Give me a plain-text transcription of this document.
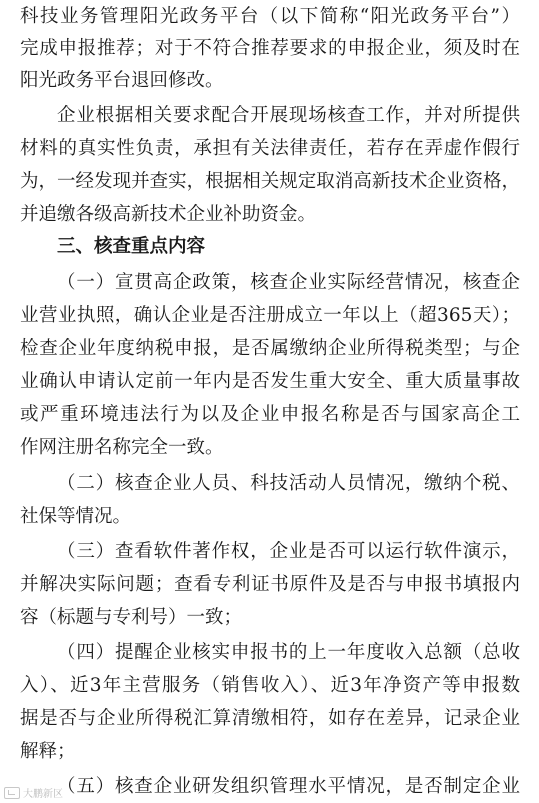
科技业务管理阳光政务平台（以下简称“阳光政务平台”）
完成申报推荐；对于不符合推荐要求的申报企业，须及时在
阳光政务平台退回修改。
企业根据相关要求配合开展现场核查工作，并对所提供
材料的真实性负责，承担有关法律责任，若存在弄虚作假行
为，一经发现并查实，根据相关规定取消高新技术企业资格，
并追缴各级高新技术企业补助资金。
三、核查重点内容
（一）宣贯高企政策，核查企业实际经营情况，核查企
业营业执照，确认企业是否注册成立一年以上（超365天）；
检查企业年度纳税申报，是否属缴纳企业所得税类型；与企
业确认申请认定前一年内是否发生重大安全、重大质量事故
或严重环境违法行为以及企业申报名称是否与国家高企工
作网注册名称完全一致。
（二）核查企业人员、科技活动人员情况，缴纳个税、
社保等情况。
（三）查看软件著作权，企业是否可以运行软件演示，
并解决实际问题；查看专利证书原件及是否与申报书填报内
容（标题与专利号）一致；
（四）提醒企业核实申报书的上一年度收入总额（总收
入）、近3年主营服务（销售收入）、近3年净资产等申报数
据是否与企业所得税汇算清缴相符，如存在差异，记录企业
解释；
（五）核查企业研发组织管理水平情况，是否制定企业
大鹏新区
